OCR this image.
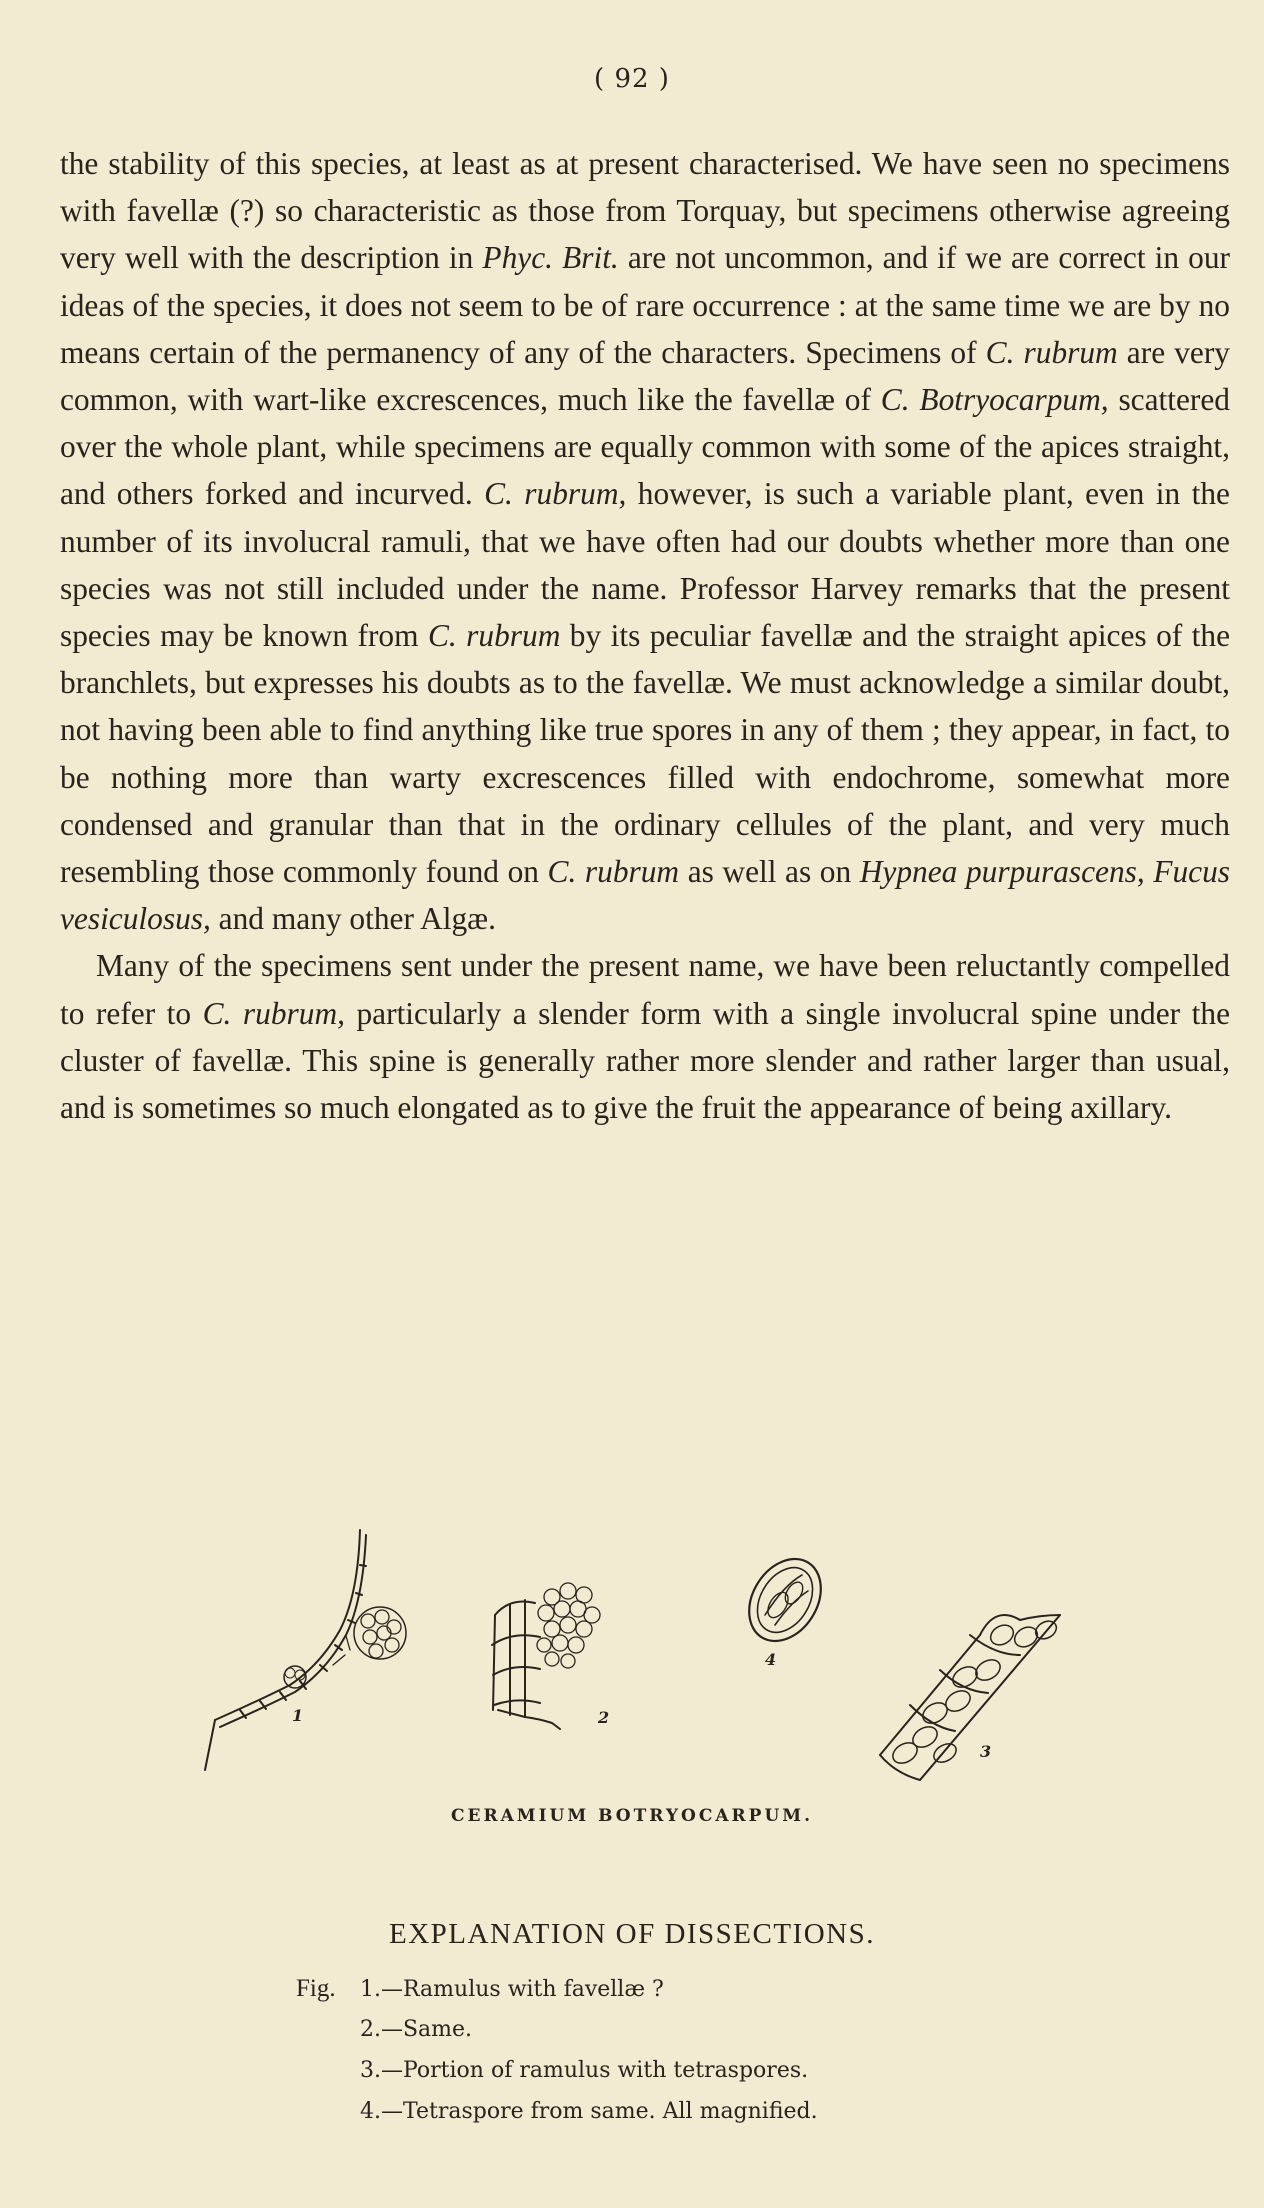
( 92 )

the stability of this species, at least as at present characterised. We have seen no specimens with favellæ (?) so characteristic as those from Torquay, but specimens otherwise agreeing very well with the description in Phyc. Brit. are not uncommon, and if we are correct in our ideas of the species, it does not seem to be of rare occurrence : at the same time we are by no means certain of the permanency of any of the characters. Specimens of C. rubrum are very common, with wart-like excrescences, much like the favellæ of C. Botryocarpum, scattered over the whole plant, while specimens are equally common with some of the apices straight, and others forked and incurved. C. rubrum, however, is such a variable plant, even in the number of its involucral ramuli, that we have often had our doubts whether more than one species was not still included under the name. Professor Harvey remarks that the present species may be known from C. rubrum by its peculiar favellæ and the straight apices of the branchlets, but expresses his doubts as to the favellæ. We must acknowledge a similar doubt, not having been able to find anything like true spores in any of them ; they appear, in fact, to be nothing more than warty excrescences filled with endochrome, somewhat more condensed and granular than that in the ordinary cellules of the plant, and very much resembling those commonly found on C. rubrum as well as on Hypnea purpurascens, Fucus vesiculosus, and many other Algæ.

Many of the specimens sent under the present name, we have been reluctantly compelled to refer to C. rubrum, particularly a slender form with a single involucral spine under the cluster of favellæ. This spine is generally rather more slender and rather larger than usual, and is sometimes so much elongated as to give the fruit the appearance of being axillary.

1	2
4
3
CERAMIUM BOTRYOCARPUM.
EXPLANATION OF DISSECTIONS.
Fig. 1.—Ramulus with favellæ ?
2.—Same.
3.—Portion of ramulus with tetraspores.
4.—Tetraspore from same. All magnified.
